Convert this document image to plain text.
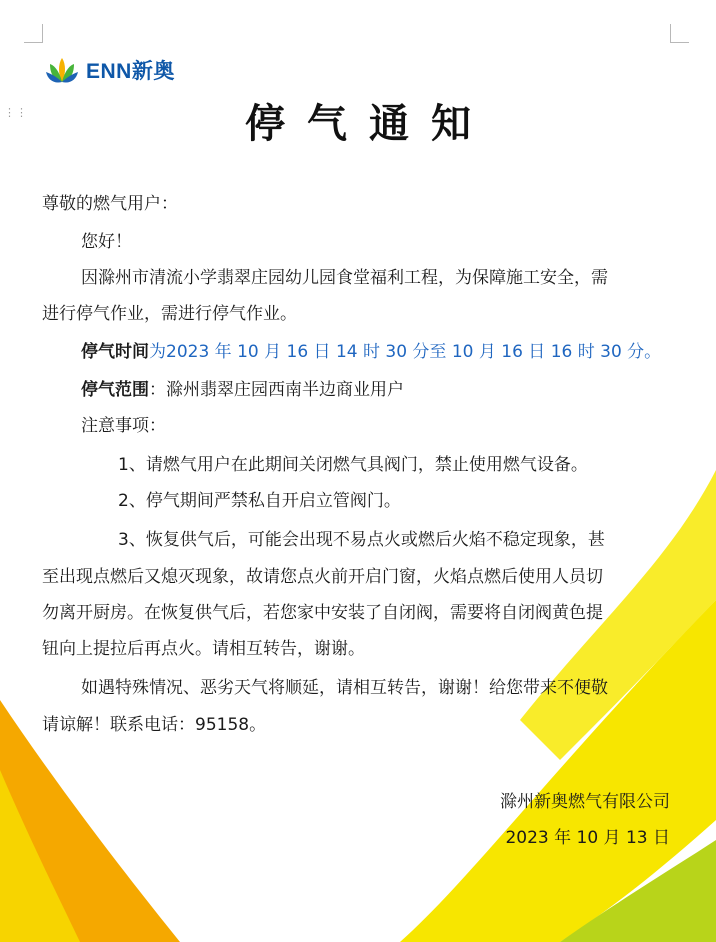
⋮⋮
ENN新奥
停气通知
尊敬的燃气用户：
您好！
因滁州市清流小学翡翠庄园幼儿园食堂福利工程，为保障施工安全，需
进行停气作业，需进行停气作业。
停气时间为2023 年 10 月 16 日 14 时 30 分至 10 月 16 日 16 时 30 分。
停气范围：滁州翡翠庄园西南半边商业用户
注意事项：
1、请燃气用户在此期间关闭燃气具阀门，禁止使用燃气设备。
2、停气期间严禁私自开启立管阀门。
3、恢复供气后，可能会出现不易点火或燃后火焰不稳定现象，甚
至出现点燃后又熄灭现象，故请您点火前开启门窗，火焰点燃后使用人员切
勿离开厨房。在恢复供气后，若您家中安装了自闭阀，需要将自闭阀黄色提
钮向上提拉后再点火。请相互转告，谢谢。
如遇特殊情况、恶劣天气将顺延，请相互转告，谢谢！给您带来不便敬
请谅解！联系电话：95158。
滁州新奥燃气有限公司
2023 年 10 月 13 日
